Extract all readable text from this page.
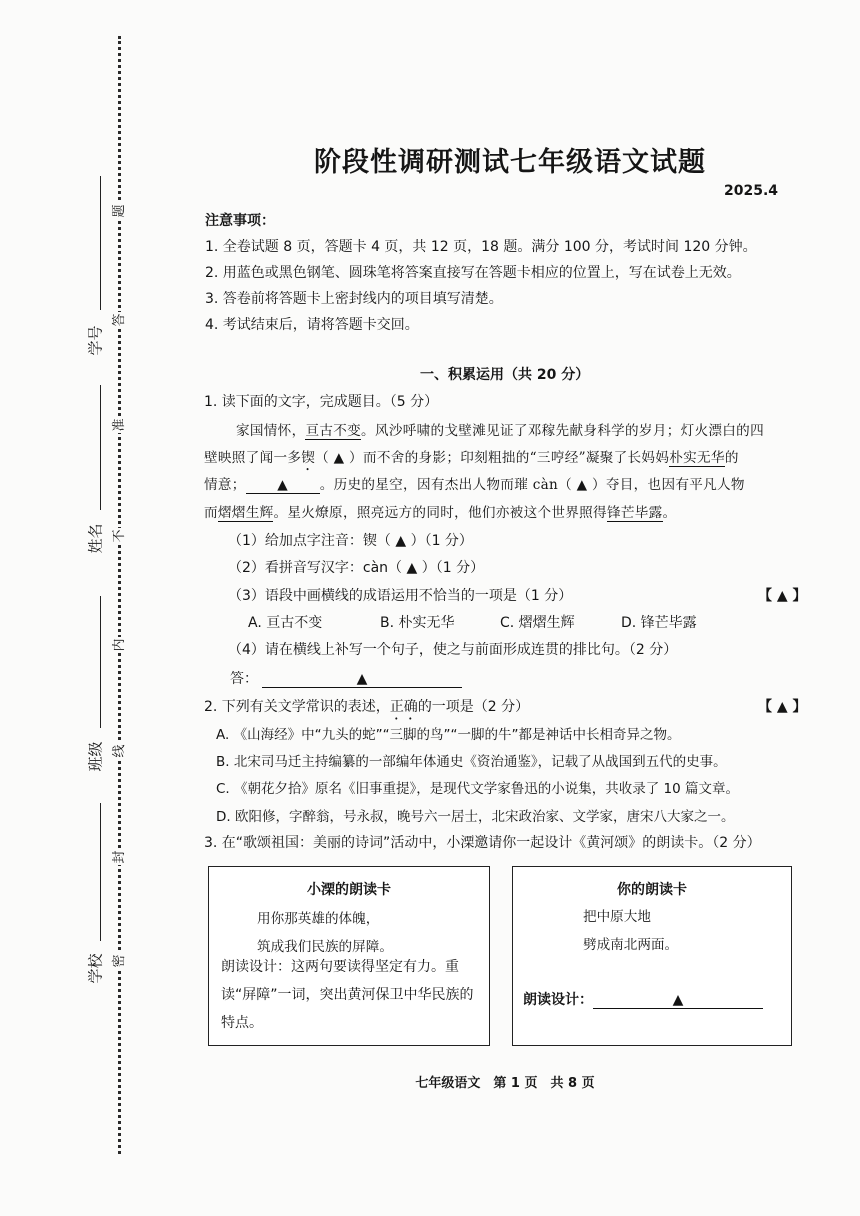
题
答
准
不
内
线
封
密
学号
姓名
班级
学校
阶段性调研测试七年级语文试题
2025.4
注意事项：
1. 全卷试题 8 页，答题卡 4 页，共 12 页，18 题。满分 100 分，考试时间 120 分钟。
2. 用蓝色或黑色钢笔、圆珠笔将答案直接写在答题卡相应的位置上，写在试卷上无效。
3. 答卷前将答题卡上密封线内的项目填写清楚。
4. 考试结束后，请将答题卡交回。
一、积累运用（共 20 分）
1. 读下面的文字，完成题目。（5 分）
家国情怀，亘古不变。风沙呼啸的戈壁滩见证了邓稼先献身科学的岁月；灯火漂白的四
壁映照了闻一多锲（ ▲ ）而不舍的身影；印刻粗拙的“三哼经”凝聚了长妈妈朴实无华的
情意； ▲ 。历史的星空，因有杰出人物而璀 càn（ ▲ ）夺目，也因有平凡人物
而熠熠生辉。星火燎原，照亮远方的同时，他们亦被这个世界照得锋芒毕露。
（1）给加点字注音：锲（ ▲ ）（1 分）
（2）看拼音写汉字：càn（ ▲ ）（1 分）
（3）语段中画横线的成语运用不恰当的一项是（1 分）	【 ▲ 】
A. 亘古不变	B. 朴实无华	C. 熠熠生辉	D. 锋芒毕露
（4）请在横线上补写一个句子，使之与前面形成连贯的排比句。（2 分）
答：	▲
2. 下列有关文学常识的表述，正确的一项是（2 分）	【 ▲ 】
A. 《山海经》中“九头的蛇”“三脚的鸟”“一脚的牛”都是神话中长相奇异之物。
B. 北宋司马迁主持编纂的一部编年体通史《资治通鉴》，记载了从战国到五代的史事。
C. 《朝花夕拾》原名《旧事重提》，是现代文学家鲁迅的小说集，共收录了 10 篇文章。
D. 欧阳修，字醉翁，号永叔，晚号六一居士，北宋政治家、文学家，唐宋八大家之一。
3. 在“歌颂祖国：美丽的诗词”活动中，小溧邀请你一起设计《黄河颂》的朗读卡。（2 分）
小溧的朗读卡
用你那英雄的体魄，
筑成我们民族的屏障。
朗读设计：这两句要读得坚定有力。重读“屏障”一词，突出黄河保卫中华民族的特点。
你的朗读卡
把中原大地
劈成南北两面。
朗读设计：	▲
七年级语文　第 1 页　共 8 页
